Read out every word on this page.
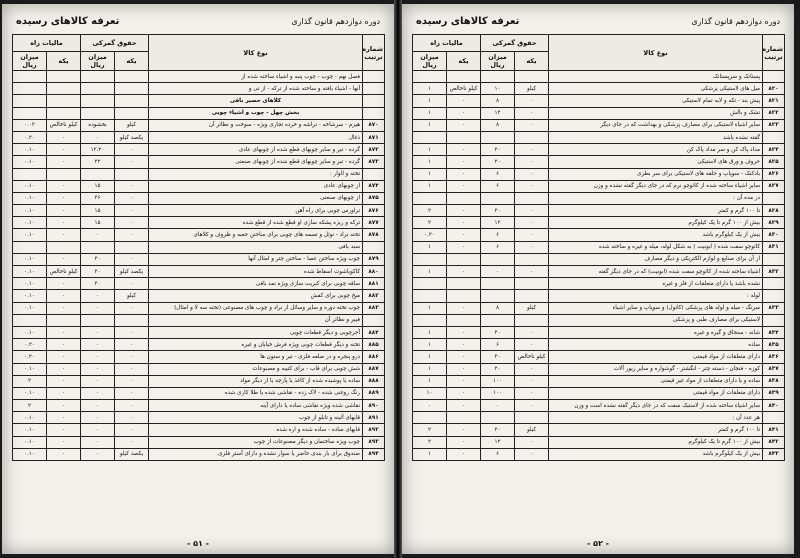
دوره دوازدهم قانون گذاری
تعرفه کالاهای رسیده
شماره ترتیب	نوع کالا	حقوق گمرکی		مالیات راه	
		یکه	میزان ریال	یکه	میزان ریال
	فصل نهم - چوب - چوب پنبه و اشیاء ساخته شده از				
	آنها - اشیاء بافته و ساخته شده از ترکه - از نی و				
	کلاهای حصیر بافی				
	بخش چهل - چوب و اشیاء چوبی				
۸۷۰	هیزم - سرشاخه - تراشه و خرده تجاری ویژه - سوخت و نظائر آن	کیلو	بخشوده	کیلو ناخالص	۰.۰۲
۸۷۱	ذغال	یکصد کیلو	۰	۰	۰.۲۰
۸۷۲	گرده - تیر و سایر چوبهای قطع شده از چوبهای عادی	۰	۱۲.۲۰	۰	۰.۱۰
۸۷۳	گرده - تیر و سایر چوبهای قطع شده از چوبهای صنعتی	۰	۲۲	۰	۰.۱۰
	تخته و الوار :				
۸۷۴	از چوبهای عادی	۰	۱۵	۰	۰.۱۰
۸۷۵	از چوبهای صنعتی	۰	۲۶	۰	۰.۱۰
۸۷۶	تراورس چوبی برای راه آهن	۰	۱۵	۰	۰.۱۰
۸۷۷	ترکه و ریزه پشکه سازی او قطع شده از قطع شده	۰	۱۵	۰	۰.۱۰
۸۷۸	تخته نراد - نوئل و تسمه های چوبی برای ساختن جعبه و ظروف و کلاهای	۰	۰	۰	۰.۱۰
	سبد بافی				
۸۷۹	چوب ویژه ساختن عصا - ساختن چتر و امثال آنها	۰	۲۰	۰	۰.۱۰
۸۸۰	کاکوباشوت اسقاط شده	یکصد کیلو	۲۰	کیلو ناخالص	۰.۱۰
۸۸۱	ساقه چوبی برای کبریت سازی ویژه نمد بافی	۰	۲۰	۰	۰.۱۰
۸۸۲	میخ چوبی برای کفش	کیلو	۰	۰	۰.۱۰
۸۸۳	چوب تخته دوره و سایر وسائل از نراد و چوب های مصنوعی (تخته سه لا و امثال)	۰	۰	۰	۰.۱۰
	فیبر و نظائر آن				
۸۸۴	آجرچوبی و دیگر قطعات چوبی	۰	۰	۰	۰.۱۰
۸۸۵	تخته و دیگر قطعات چوبی ویژه فرش خیابان و غیره	۰	۰	۰	۰.۲۰
۸۸۶	درو پنجره و در ضلعه فلزی - تیر و ستون ها	۰	۰	۰	۰.۲۰
۸۸۷	شش چوبی برای قاب - برای کتیبه و مصنوعات	۰	۰	۰	۰.۱۰
۸۸۸	ساده یا پوشیده شده از کاغذ یا پارچه یا از دیگر مواد	۰	۰	۰	۲
۸۸۹	رنگ روغنی شده - لاک زده - نقاشی شده یا طلا کاری شده	۰	۰	۰	۰.۱۰
۸۹۰	نقاشی شده ویژه نقاشی ساده یا دارای آینه	۰	۰	۰	۲
۸۹۱	قابهای آئینه و تابلو از چوب	۰	۰	۰	۰.۱۰
۸۹۲	قابهای ساده - ساده شده و اره شده	۰	۰	۰	۰.۱۰
۸۹۳	چوب ویژه ساختمان و دیگر مصنوعات از چوب	۰	۰	۰	۰.۱۰
۸۹۴	صندوق برای بار بندی حاضر یا سوار نشده و دارای آستر فلزی	یکصد کیلو	۰	۰	۰.۱۰
- ۵۱ -
دوره دوازدهم قانون گذاری
تعرفه کالاهای رسیده
شماره ترتیب	نوع کالا	حقوق گمرکی		مالیات راه	
		یکه	میزان ریال	یکه	میزان ریال
	پستانک و سرپستانک				
۸۲۰	میل های لاستیکی پزشکی	کیلو	۱۰	کیلو ناخالص	۱
۸۲۱	پیش بند - تکه و لایه تمام لاستیکی	۰	۸	۰	۱
۸۲۲	تشک و بالش	۰	۱۲	۰	۱
۸۲۳	سایر اشیاء لاستیکی برای مصارف پزشکی و بهداشت که در جای دیگر	۰	۸	۰	۱
	گفته نشده باشد				
۸۲۴	مداد پاک کن و سر مداد پاک کن	۰	۲۰	۰	۱
۸۲۵	حروف و ورق های لاستیکی	۰	۲۰	۰	۱
۸۲۶	بادکنک - سوپاپ و حلقه های لاستیکی برای سر بطری	۰	۶	۰	۱
۸۲۷	سایر اشیاء ساخته شده از کائوچو نرم که در جای دیگر گفته نشده و وزن	۰	۶	۰	۱
	در مده آن :				
۸۲۸	تا ۱۰۰ گرم و کمتر	۰	۲۰	۰	۲
۸۲۹	بیش از ۱۰۰ گرم تا یک کیلوگرم	۰	۱۲	۰	۲
۸۳۰	بیش از یک کیلوگرم باشد	۰	۶	۰	۰.۲۰
۸۳۱	کائوچو سفت شده ( ابونیت ) به شکل لوله، میله و غیره و ساخته شده	۰	۶	۰	۱
	از آن برای صنایع و لوازم الکتریکی و دیگر مصارف				
۸۳۲	اشیاء ساخته شده از کائوچو سفت شده (ابونیت) که در جای دیگر گفته	۰	۰	۰	۱
	نشده باشد یا دارای متعلقات از فلز و غیره				
	لوله :				
۸۳۳	سرنگ - میله و لوله های پزشکی (کاتول) و سوپاپ و سایر اشیاء	کیلو	۸	۰	۱
	لاستیکی برای مصارف طبی و پزشکی				
۸۳۴	شانه - سنجاق و گیره و غیره	۰	۲۰	۰	۱
۸۳۵	ساده	۰	۶	۰	۱
۸۳۶	دارای متعلقات از مواد قیمتی	کیلو ناخالص	۳۰	۰	۱
۸۳۷	کوزه - فنجان - دسته چتر - انگشتر - گوشواره و سایر زیور آلات	۰	۲۰	۰	۱
۸۳۸	ساده و یا دارای متعلقات از مواد غیر قیمتی	۰	۱۰۰	۰	۱
۸۳۹	دارای متعلقات از مواد قیمتی	۰	۱۰۰	۰	۱۰
۸۴۰	سایر اشیاء ساخته شده از لاستیک سفت که در جای دیگر گفته نشده است و وزن	۰	۰	۰	۰
	هر عدد آن :				
۸۴۱	تا ۱۰۰ گرم و کمتر	کیلو	۲۰	۰	۲
۸۴۲	بیش از ۱۰۰ گرم تا یک کیلوگرم	۰	۱۲	۰	۲
۸۴۳	بیش از یک کیلوگرم باشد	۰	۶	۰	۱
- ۵۲ -
